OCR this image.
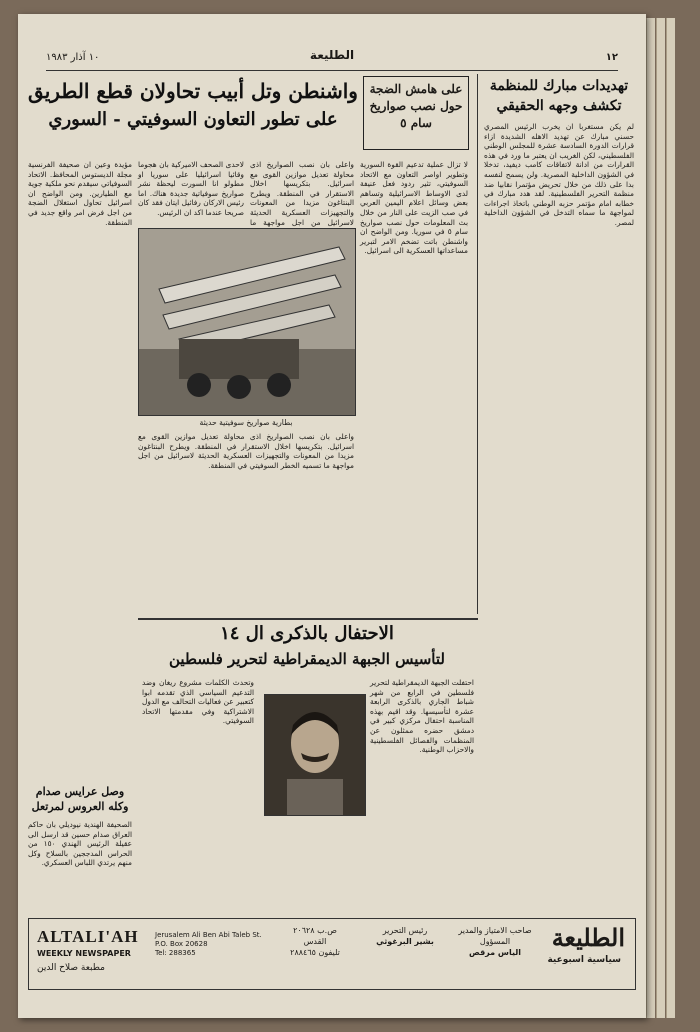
١٢
الطليعة
١٠ آذار ١٩٨٣
تهديدات مبارك للمنظمة تكشف وجهه الحقيقي
لم يكن مستغربا ان يخرب الرئيس المصري حسني مبارك عن تهديد الاهله الشديدة ازاء قرارات الدورة السادسة عشرة للمجلس الوطني الفلسطيني، لكن الغريب ان يعتبر ما ورد في هذه القرارات من ادانة لاتفاقات كامب ديفيد، تدخلا في الشؤون الداخلية المصرية. ولن يسمح لنفسه بدا على ذلك من خلال تحريض مؤتمرا نقابيا ضد منظمة التحرير الفلسطينية. لقد هدد مبارك في خطابه امام مؤتمر حزبه الوطني باتخاذ اجراءات لمواجهة ما سماه التدخل في الشؤون الداخلية لمصر.
على هامش الضجة حول نصب صواريخ سام ٥
واشنطن وتل أبيب تحاولان قطع الطريق
على تطور التعاون السوفيتي - السوري
لا تزال عملية تدعيم القوة السورية وتطوير اواصر التعاون مع الاتحاد السوفيتي، تثير ردود فعل عنيفة لدى الاوساط الاسرائيلية وتساهم بعض وسائل اعلام اليمين العربي في صب الزيت على النار من خلال بث المعلومات حول نصب صواريخ سام ٥ في سوريا. ومن الواضح ان واشنطن باتت تضخم الامر لتبرير مساعداتها العسكرية الى اسرائيل.
واعلى بان نصب الصواريخ اذى محاولة تعديل موازين القوى مع اسرائيل. بتكريسها اخلال الاستقرار في المنطقة. ويطرح البنتاغون مزيدا من المعونات والتجهيزات العسكرية الحديثة لاسرائيل من اجل مواجهة ما
لاحدى الصحف الاميركية بان هجوما وقائيا اسرائيليا على سوريا او مطولو انا السورت ليحظة نشر صواريخ سوفياتية جديدة هناك. اما رئيس الاركان رفائيل ايتان فقد كان صريحا عندما اكد ان الرئيس.
مؤيدة وعين ان صحيفة الفرنسية مجلة الديستوس المحافظ. الاتحاد السوفياتي سيقدم نحو ملكية جوية مع الطيارين. ومن الواضح ان اسرائيل تحاول استغلال الضجة من اجل فرض امر واقع جديد في المنطقة.
بطارية صواريخ سوفيتية حديثة
واعلى بان نصب الصواريخ اذى محاولة تعديل موازين القوى مع اسرائيل. بتكريسها اخلال الاستقرار في المنطقة. ويطرح البنتاغون مزيدا من المعونات والتجهيزات العسكرية الحديثة لاسرائيل من اجل مواجهة ما تسميه الخطر السوفيتي في المنطقة.
الاحتفال بالذكرى ال ١٤
لتأسيس الجبهة الديمقراطية لتحرير فلسطين
احتفلت الجبهة الديمقراطية لتحرير فلسطين في الرابع من شهر شباط الجاري بالذكرى الرابعة عشرة لتأسيسها. وقد اقيم بهذه المناسبة احتفال مركزي كبير في دمشق حضره ممثلون عن المنظمات والفصائل الفلسطينية والاحزاب الوطنية.
وتحدث الكلمات مشروع ريغان وضد التدعيم السياسي الذي تقدمه ابوا كتعبير عن فعاليات التحالف مع الدول الاشتراكية وفي مقدمتها الاتحاد السوفيتي.
وصل عرايس صدام وكله العروس لمرتعل
الصحيفة الهندية نيوديلي بان حاكم العراق صدام حسين قد ارسل الى عقيلة الرئيس الهندي ١٥٠ من الحراس المدججين بالسلاح وكل منهم يرتدي اللباس العسكري.
الطليعة
سياسية اسبوعية
صاحب الامتياز والمدير المسؤول
الياس مرقص
رئيس التحرير
بشير البرغوثي
ص.ب ٢٠٦٢٨
القدس
تليفون ٢٨٨٤٦٥
ALTALI'AH
WEEKLY NEWSPAPER
مطبعة صلاح الدين
Jerusalem Ali Ben Abi Taleb St.
P.O. Box 20628
Tel: 288365
